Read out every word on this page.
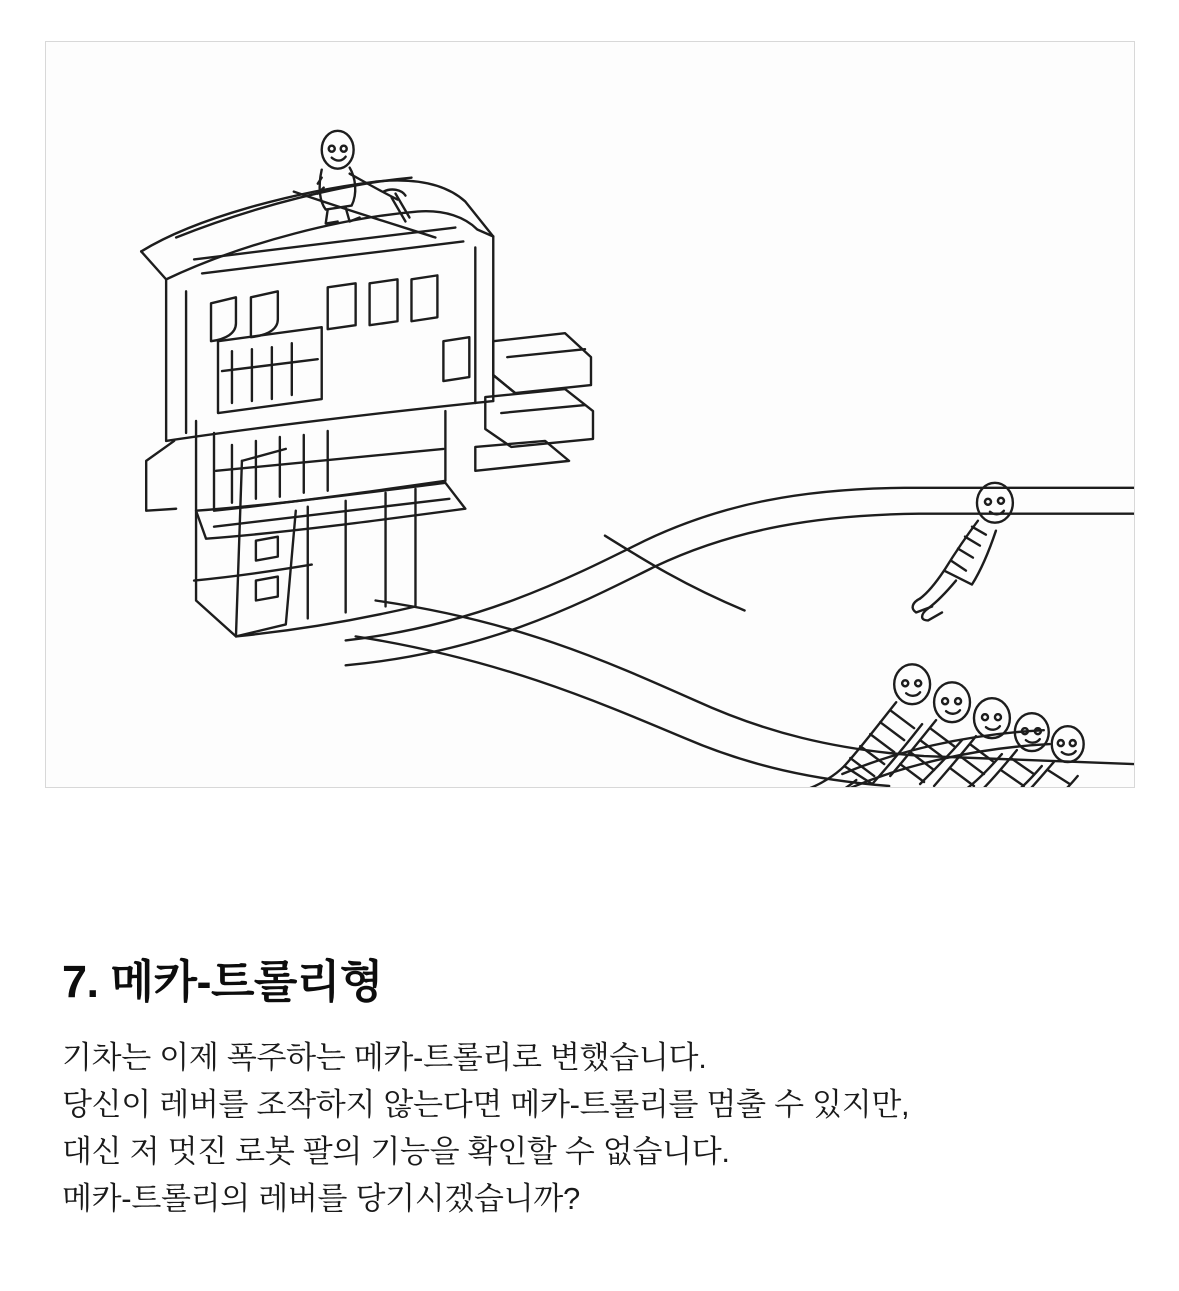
7. 메카-트롤리형

기차는 이제 폭주하는 메카-트롤리로 변했습니다.
당신이 레버를 조작하지 않는다면 메카-트롤리를 멈출 수 있지만,
대신 저 멋진 로봇 팔의 기능을 확인할 수 없습니다.
메카-트롤리의 레버를 당기시겠습니까?
